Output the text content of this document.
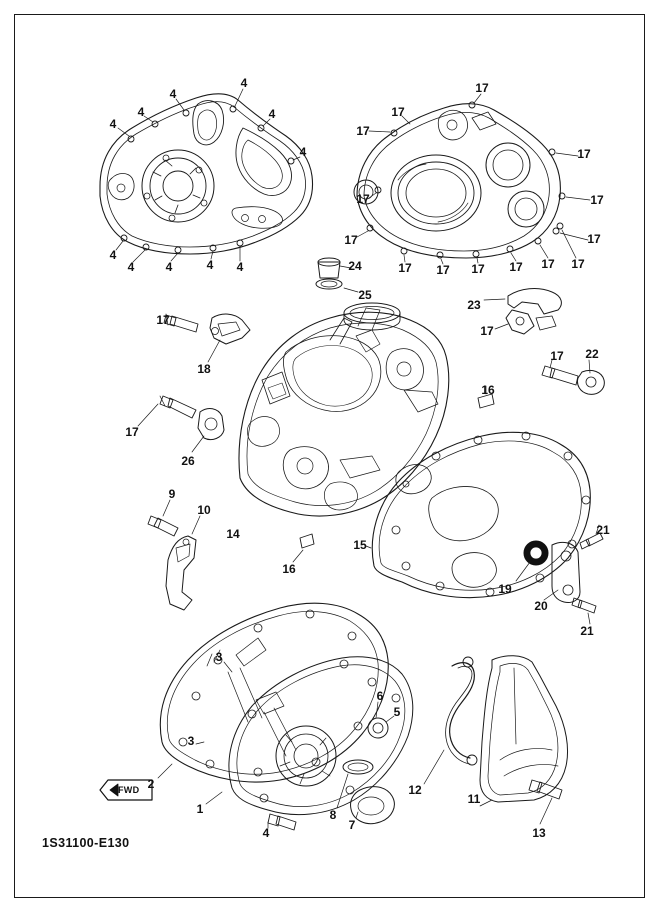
4
4
4
4
4
4
4
4	4	4 4
17
17
17
17
17
17
17
17
17 17 17 17 17 17
24
25
23
17
17 22
17
18
17
26
16
14
15
19
20
21
21
9
10
16
3
3
2
1
4
8
7
5
6
12
11
13
FWD
1S31100-E130
